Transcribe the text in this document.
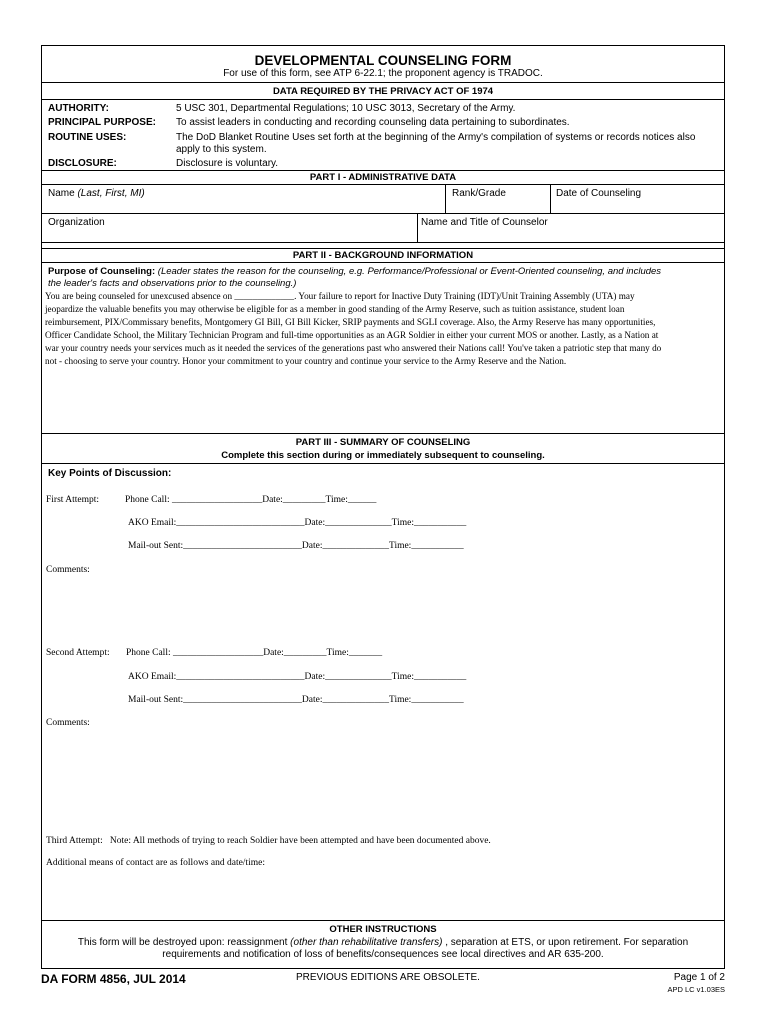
DEVELOPMENTAL COUNSELING FORM
For use of this form, see ATP 6-22.1; the proponent agency is TRADOC.
DATA REQUIRED BY THE PRIVACY ACT OF 1974
AUTHORITY:	5 USC 301, Departmental Regulations; 10 USC 3013, Secretary of the Army.
PRINCIPAL PURPOSE: To assist leaders in conducting and recording counseling data pertaining to subordinates.
ROUTINE USES:	The DoD Blanket Routine Uses set forth at the beginning of the Army's compilation of systems or records notices also
apply to this system.
DISCLOSURE:	Disclosure is voluntary.
PART I - ADMINISTRATIVE DATA
Name (Last, First, MI)	Rank/Grade	Date of Counseling
Organization	Name and Title of Counselor
PART II - BACKGROUND INFORMATION
Purpose of Counseling: (Leader states the reason for the counseling, e.g. Performance/Professional or Event-Oriented counseling, and includes
the leader's facts and observations prior to the counseling.)
You are being counseled for unexcused absence on _____________. Your failure to report for Inactive Duty Training (IDT)/Unit Training Assembly (UTA) may
jeopardize the valuable benefits you may otherwise be eligible for as a member in good standing of the Army Reserve, such as tuition assistance, student loan
reimbursement, PIX/Commissary benefits, Montgomery GI Bill, GI Bill Kicker, SRIP payments and SGLI coverage. Also, the Army Reserve has many opportunities,
Officer Candidate School, the Military Technician Program and full-time opportunities as an AGR Soldier in either your current MOS or another. Lastly, as a Nation at
war your country needs your services much as it needed the services of the generations past who answered their Nations call! You've taken a patriotic step that many do
not - choosing to serve your country. Honor your commitment to your country and continue your service to the Army Reserve and the Nation.
PART III - SUMMARY OF COUNSELING
Complete this section during or immediately subsequent to counseling.
Key Points of Discussion:
First Attempt:	Phone Call: ___________________Date:_________Time:______
AKO Email:___________________________Date:______________Time:___________
Mail-out Sent:_________________________Date:______________Time:___________
Comments:
Second Attempt: Phone Call: ___________________Date:_________Time:_______
AKO Email:___________________________Date:______________Time:___________
Mail-out Sent:_________________________Date:______________Time:___________
Comments:
Third Attempt: Note: All methods of trying to reach Soldier have been attempted and have been documented above.
Additional means of contact are as follows and date/time:
OTHER INSTRUCTIONS
This form will be destroyed upon: reassignment (other than rehabilitative transfers) , separation at ETS, or upon retirement. For separation
requirements and notification of loss of benefits/consequences see local directives and AR 635-200.
DA FORM 4856, JUL 2014	PREVIOUS EDITIONS ARE OBSOLETE.	Page 1 of 2
APD LC v1.03ES
